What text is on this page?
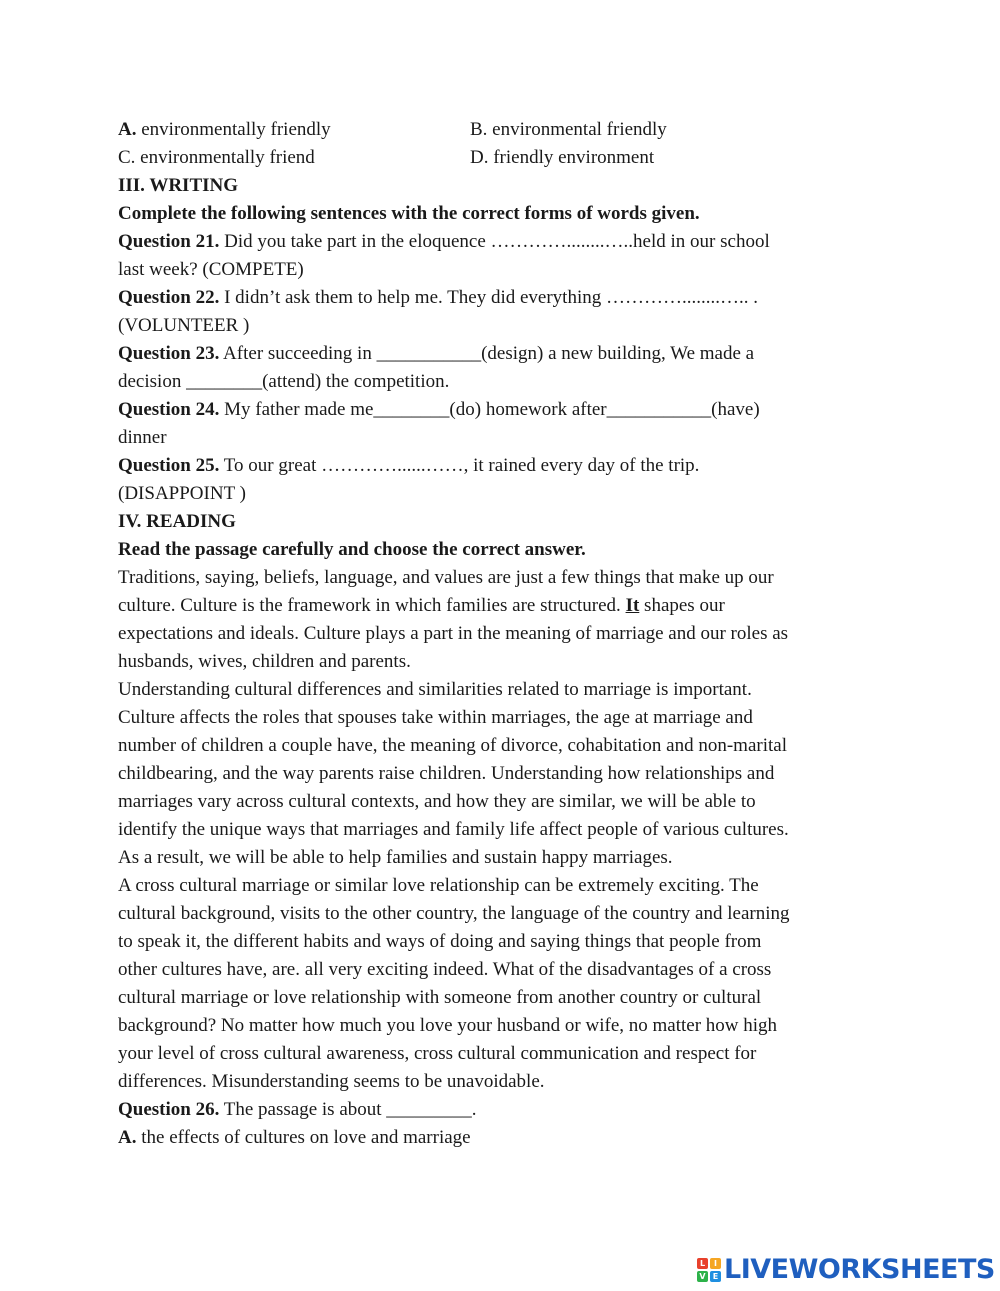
A. environmentally friendly	B. environmental friendly
C. environmentally friend	D. friendly environment
III. WRITING
Complete the following sentences with the correct forms of words given.
Question 21. Did you take part in the eloquence …………........…..held in our school
last week? (COMPETE)
Question 22. I didn’t ask them to help me. They did everything …………........….. .
(VOLUNTEER )
Question 23. After succeeding in ___________(design) a new building, We made a
decision ________(attend) the competition.
Question 24. My father made me________(do) homework after___________(have)
dinner
Question 25. To our great …………......……, it rained every day of the trip.
(DISAPPOINT )
IV. READING
Read the passage carefully and choose the correct answer.
Traditions, saying, beliefs, language, and values are just a few things that make up our
culture. Culture is the framework in which families are structured. It shapes our
expectations and ideals. Culture plays a part in the meaning of marriage and our roles as
husbands, wives, children and parents.
Understanding cultural differences and similarities related to marriage is important.
Culture affects the roles that spouses take within marriages, the age at marriage and
number of children a couple have, the meaning of divorce, cohabitation and non-marital
childbearing, and the way parents raise children. Understanding how relationships and
marriages vary across cultural contexts, and how they are similar, we will be able to
identify the unique ways that marriages and family life affect people of various cultures.
As a result, we will be able to help families and sustain happy marriages.
A cross cultural marriage or similar love relationship can be extremely exciting. The
cultural background, visits to the other country, the language of the country and learning
to speak it, the different habits and ways of doing and saying things that people from
other cultures have, are. all very exciting indeed. What of the disadvantages of a cross
cultural marriage or love relationship with someone from another country or cultural
background? No matter how much you love your husband or wife, no matter how high
your level of cross cultural awareness, cross cultural communication and respect for
differences. Misunderstanding seems to be unavoidable.
Question 26. The passage is about _________.
A. the effects of cultures on love and marriage
L	I
V E LIVEWORKSHEETS
